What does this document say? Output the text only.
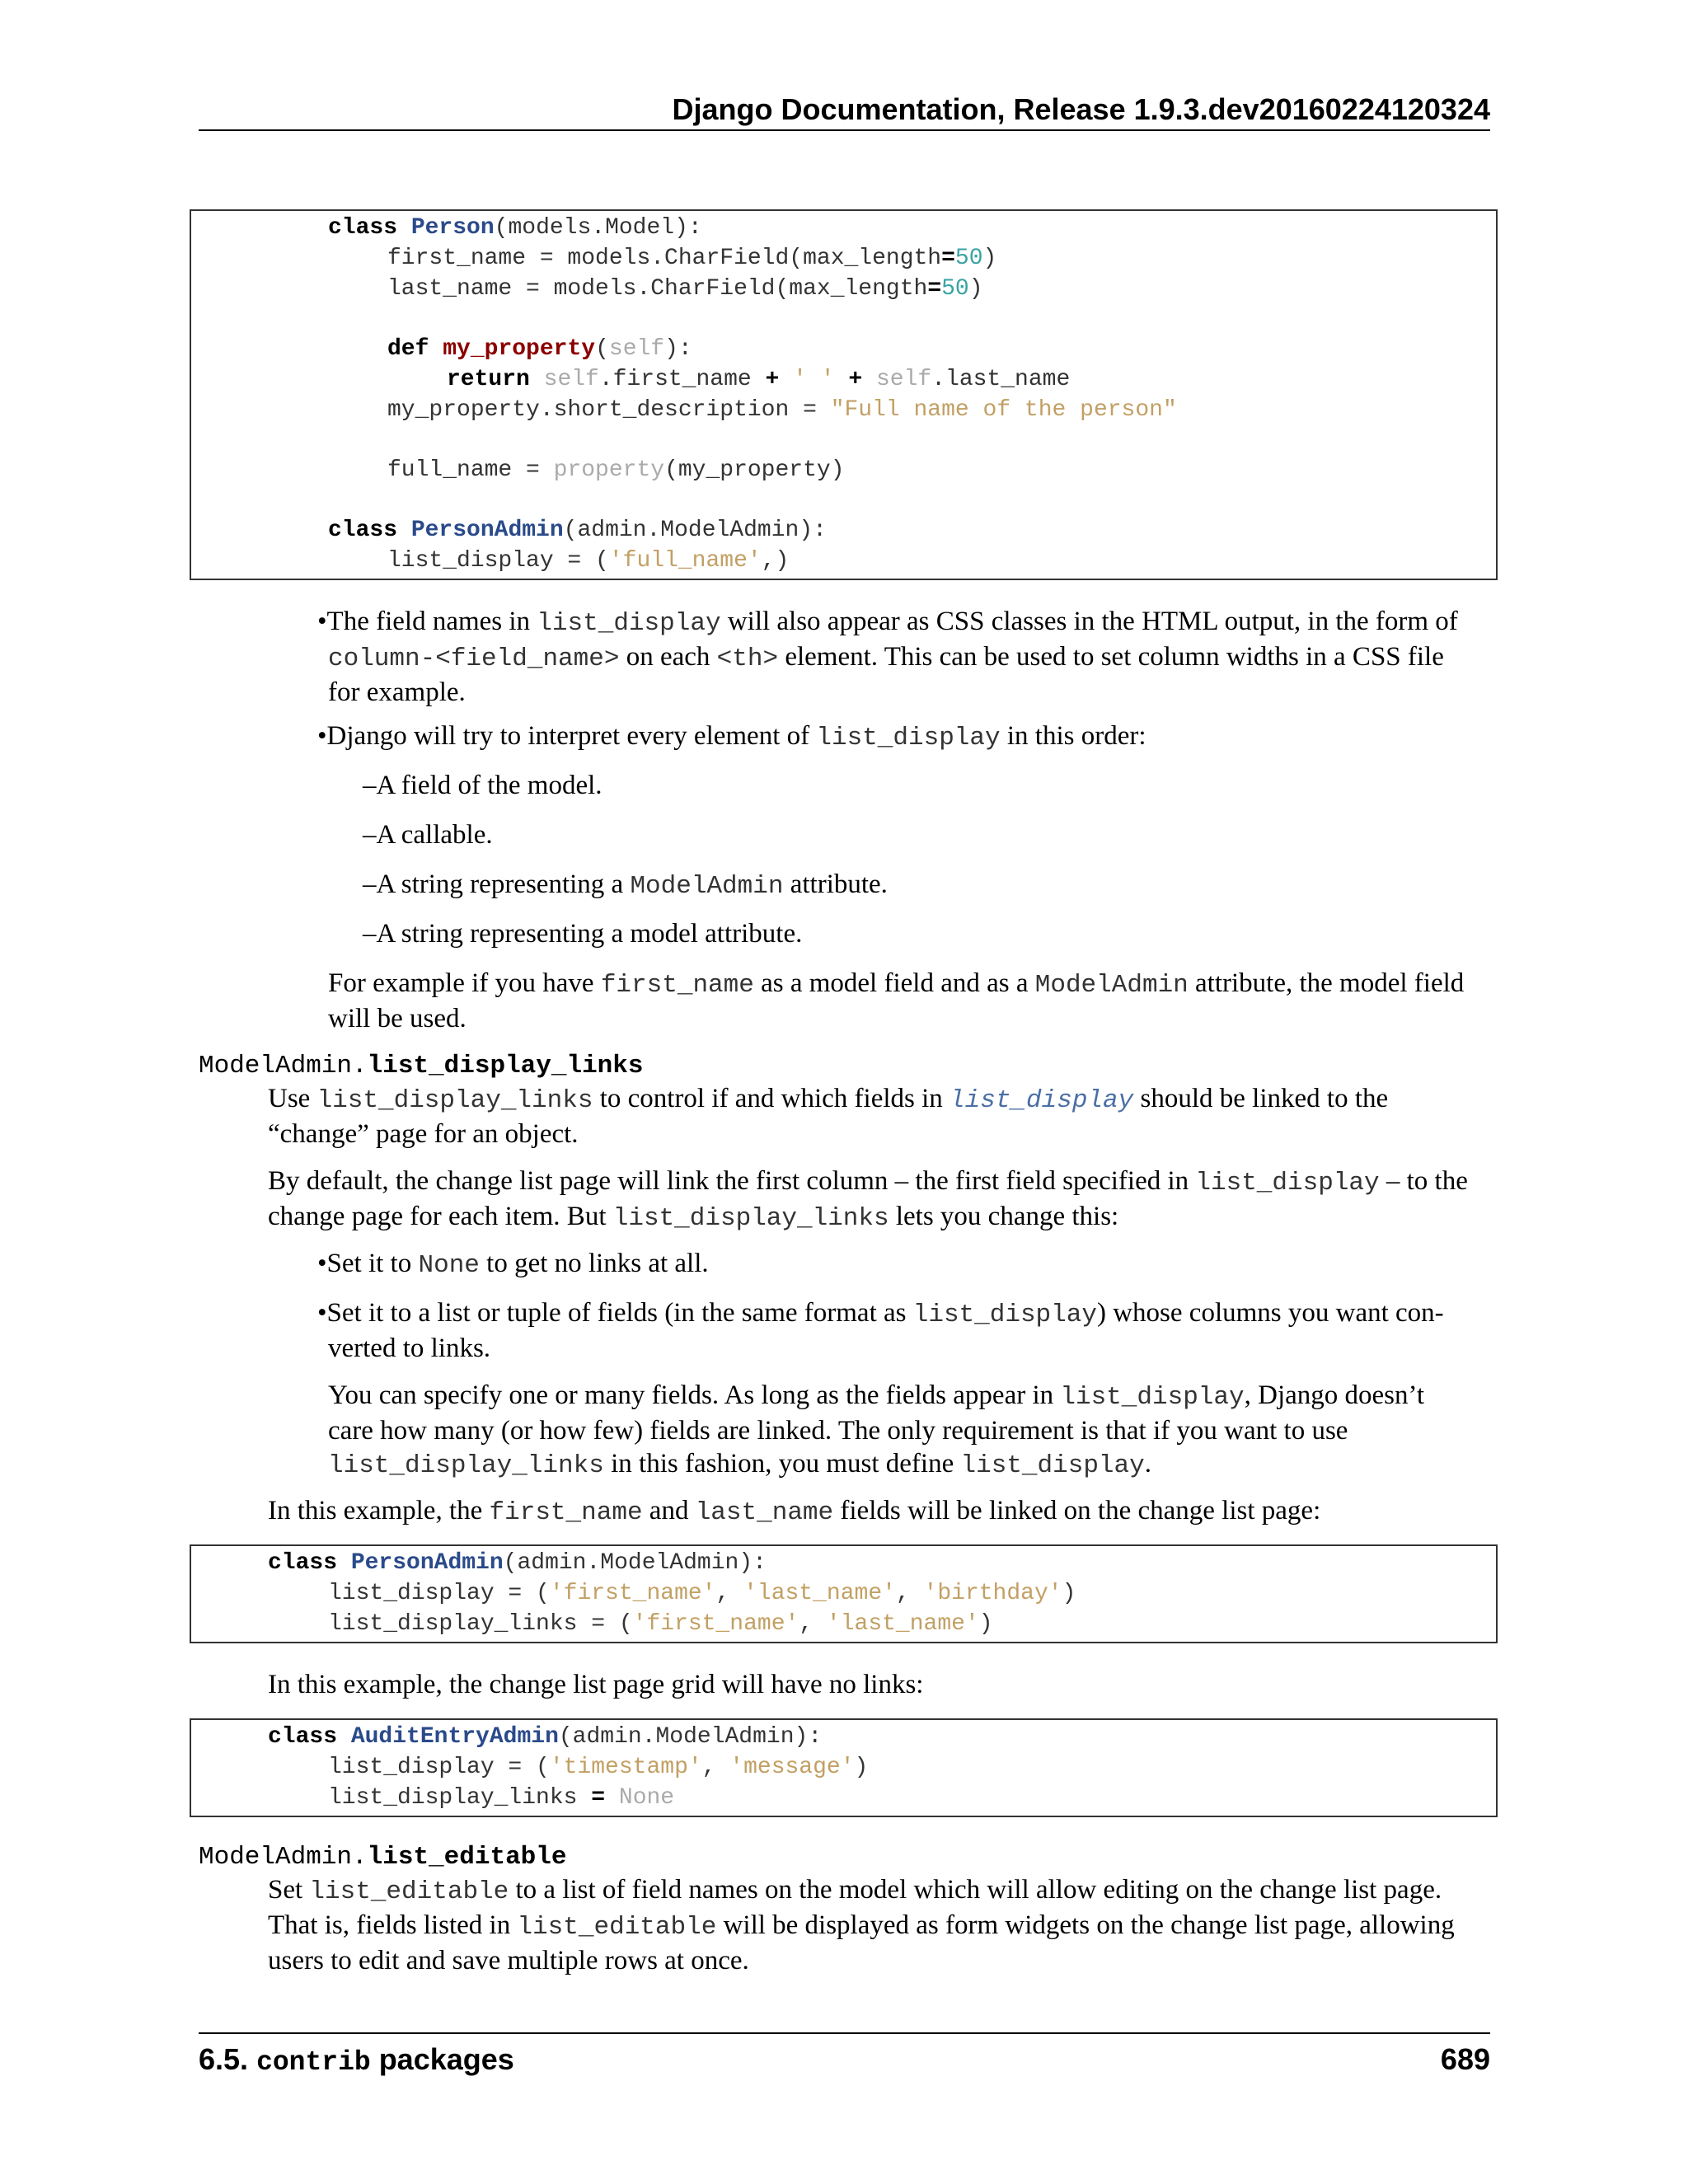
Django Documentation, Release 1.9.3.dev20160224120324
class Person(models.Model):
first_name = models.CharField(max_length=50)
last_name = models.CharField(max_length=50)
def my_property(self):
return self.first_name + ' ' + self.last_name
my_property.short_description = "Full name of the person"
full_name = property(my_property)
class PersonAdmin(admin.ModelAdmin):
list_display = ('full_name',)
•The field names in list_display will also appear as CSS classes in the HTML output, in the form of
column-<field_name> on each <th> element. This can be used to set column widths in a CSS file
for example.
•Django will try to interpret every element of list_display in this order:
–A field of the model.
–A callable.
–A string representing a ModelAdmin attribute.
–A string representing a model attribute.
For example if you have first_name as a model field and as a ModelAdmin attribute, the model field
will be used.
ModelAdmin.list_display_links
Use list_display_links to control if and which fields in list_display should be linked to the
“change” page for an object.
By default, the change list page will link the first column – the first field specified in list_display – to the
change page for each item. But list_display_links lets you change this:
•Set it to None to get no links at all.
•Set it to a list or tuple of fields (in the same format as list_display) whose columns you want con-
verted to links.
You can specify one or many fields. As long as the fields appear in list_display, Django doesn’t
care how many (or how few) fields are linked. The only requirement is that if you want to use
list_display_links in this fashion, you must define list_display.
In this example, the first_name and last_name fields will be linked on the change list page:
class PersonAdmin(admin.ModelAdmin):
list_display = ('first_name', 'last_name', 'birthday')
list_display_links = ('first_name', 'last_name')
In this example, the change list page grid will have no links:
class AuditEntryAdmin(admin.ModelAdmin):
list_display = ('timestamp', 'message')
list_display_links = None
ModelAdmin.list_editable
Set list_editable to a list of field names on the model which will allow editing on the change list page.
That is, fields listed in list_editable will be displayed as form widgets on the change list page, allowing
users to edit and save multiple rows at once.
6.5. contrib packages	689
